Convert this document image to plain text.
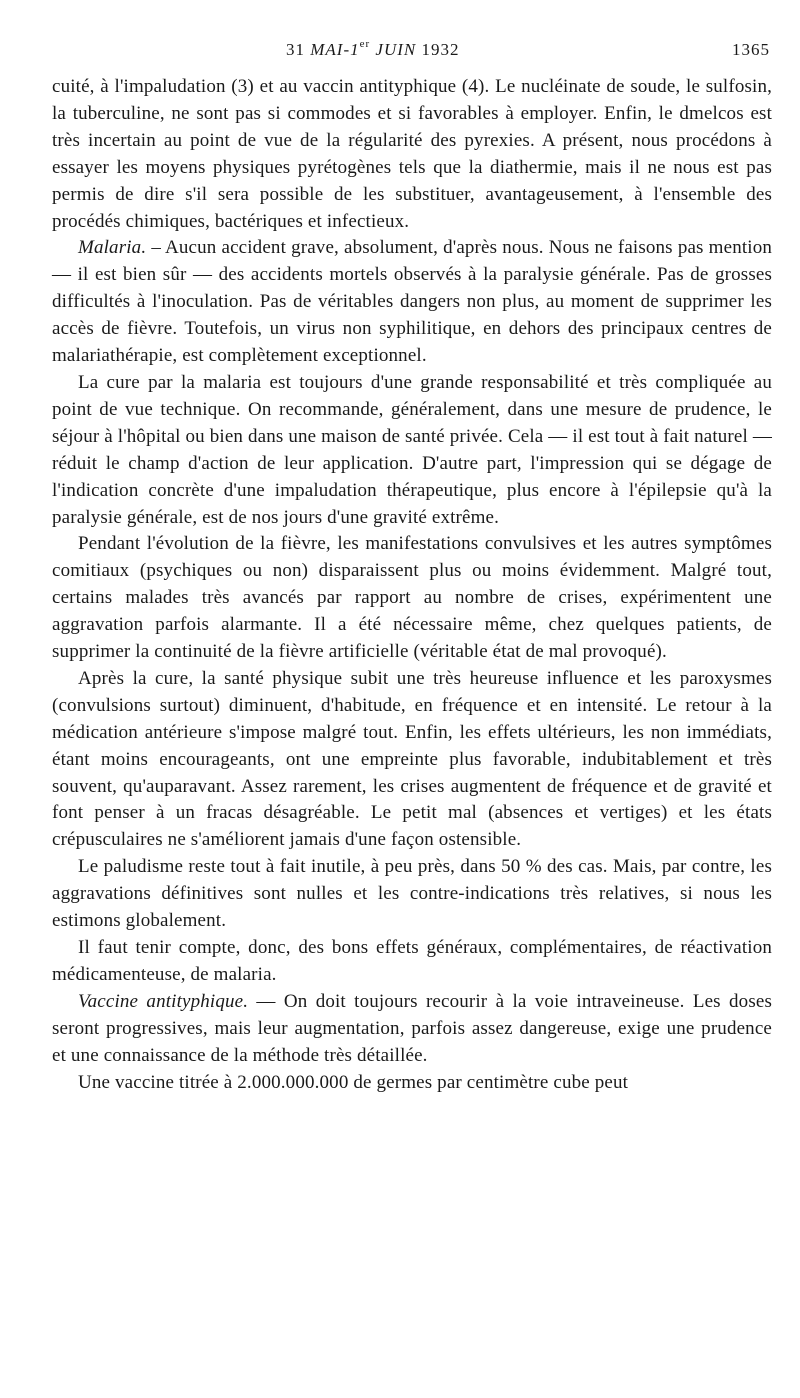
31 MAI-1er JUIN 1932	1365

cuité, à l'impaludation (3) et au vaccin antityphique (4). Le nucléinate de soude, le sulfosin, la tuberculine, ne sont pas si commodes et si favorables à employer. Enfin, le dmelcos est très incertain au point de vue de la régularité des pyrexies. A présent, nous procédons à essayer les moyens physiques pyrétogènes tels que la diathermie, mais il ne nous est pas permis de dire s'il sera possible de les substituer, avantageusement, à l'ensemble des procédés chimiques, bactériques et infectieux.

Malaria. – Aucun accident grave, absolument, d'après nous. Nous ne faisons pas mention — il est bien sûr — des accidents mortels observés à la paralysie générale. Pas de grosses difficultés à l'inoculation. Pas de véritables dangers non plus, au moment de supprimer les accès de fièvre. Toutefois, un virus non syphilitique, en dehors des principaux centres de malariathérapie, est complètement exceptionnel.

La cure par la malaria est toujours d'une grande responsabilité et très compliquée au point de vue technique. On recommande, généralement, dans une mesure de prudence, le séjour à l'hôpital ou bien dans une maison de santé privée. Cela — il est tout à fait naturel — réduit le champ d'action de leur application. D'autre part, l'impression qui se dégage de l'indication concrète d'une impaludation thérapeutique, plus encore à l'épilepsie qu'à la paralysie générale, est de nos jours d'une gravité extrême.

Pendant l'évolution de la fièvre, les manifestations convulsives et les autres symptômes comitiaux (psychiques ou non) disparaissent plus ou moins évidemment. Malgré tout, certains malades très avancés par rapport au nombre de crises, expérimentent une aggravation parfois alarmante. Il a été nécessaire même, chez quelques patients, de supprimer la continuité de la fièvre artificielle (véritable état de mal provoqué).

Après la cure, la santé physique subit une très heureuse influence et les paroxysmes (convulsions surtout) diminuent, d'habitude, en fréquence et en intensité. Le retour à la médication antérieure s'impose malgré tout. Enfin, les effets ultérieurs, les non immédiats, étant moins encourageants, ont une empreinte plus favorable, indubitablement et très souvent, qu'auparavant. Assez rarement, les crises augmentent de fréquence et de gravité et font penser à un fracas désagréable. Le petit mal (absences et vertiges) et les états crépusculaires ne s'améliorent jamais d'une façon ostensible.

Le paludisme reste tout à fait inutile, à peu près, dans 50 % des cas. Mais, par contre, les aggravations définitives sont nulles et les contre-indications très relatives, si nous les estimons globalement.

Il faut tenir compte, donc, des bons effets généraux, complémentaires, de réactivation médicamenteuse, de malaria.

Vaccine antityphique. — On doit toujours recourir à la voie intraveineuse. Les doses seront progressives, mais leur augmentation, parfois assez dangereuse, exige une prudence et une connaissance de la méthode très détaillée.

Une vaccine titrée à 2.000.000.000 de germes par centimètre cube peut
